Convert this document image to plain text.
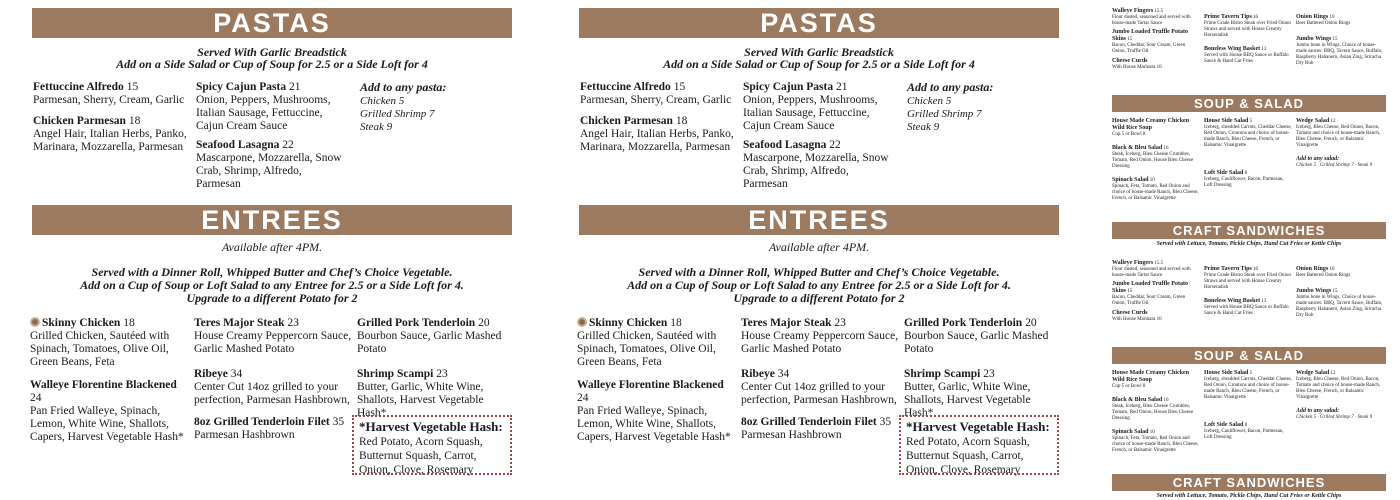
PASTAS
Served With Garlic Breadstick
Add on a Side Salad or Cup of Soup for 2.5 or a Side Loft for 4
Fettuccine Alfredo 15
Parmesan, Sherry, Cream, Garlic
Chicken Parmesan 18
Angel Hair, Italian Herbs, Panko, Marinara, Mozzarella, Parmesan
Spicy Cajun Pasta 21
Onion, Peppers, Mushrooms, Italian Sausage, Fettuccine, Cajun Cream Sauce
Seafood Lasagna 22
Mascarpone, Mozzarella, Snow Crab, Shrimp, Alfredo, Parmesan
Add to any pasta:
Chicken 5
Grilled Shrimp 7
Steak 9
ENTREES
Available after 4PM.
Served with a Dinner Roll, Whipped Butter and Chef’s Choice Vegetable.
Add on a Cup of Soup or Loft Salad to any Entree for 2.5 or a Side Loft for 4.
Upgrade to a different Potato for 2
Skinny Chicken 18
Grilled Chicken, Sautéed with Spinach, Tomatoes, Olive Oil, Green Beans, Feta
Walleye Florentine Blackened 24
Pan Fried Walleye, Spinach, Lemon, White Wine, Shallots, Capers, Harvest Vegetable Hash*
Teres Major Steak 23
House Creamy Peppercorn Sauce, Garlic Mashed Potato
Ribeye 34
Center Cut 14oz grilled to your perfection, Parmesan Hashbrown,
8oz Grilled Tenderloin Filet 35
Parmesan Hashbrown
Grilled Pork Tenderloin 20
Bourbon Sauce, Garlic Mashed Potato
Shrimp Scampi 23
Butter, Garlic, White Wine, Shallots, Harvest Vegetable Hash*
*Harvest Vegetable Hash:
Red Potato, Acorn Squash, Butternut Squash, Carrot, Onion, Clove, Rosemary
PASTAS
Served With Garlic Breadstick
Add on a Side Salad or Cup of Soup for 2.5 or a Side Loft for 4
Fettuccine Alfredo 15
Parmesan, Sherry, Cream, Garlic
Chicken Parmesan 18
Angel Hair, Italian Herbs, Panko, Marinara, Mozzarella, Parmesan
Spicy Cajun Pasta 21
Onion, Peppers, Mushrooms, Italian Sausage, Fettuccine, Cajun Cream Sauce
Seafood Lasagna 22
Mascarpone, Mozzarella, Snow Crab, Shrimp, Alfredo, Parmesan
Add to any pasta:
Chicken 5
Grilled Shrimp 7
Steak 9
ENTREES
Available after 4PM.
Served with a Dinner Roll, Whipped Butter and Chef’s Choice Vegetable.
Add on a Cup of Soup or Loft Salad to any Entree for 2.5 or a Side Loft for 4.
Upgrade to a different Potato for 2
Skinny Chicken 18
Grilled Chicken, Sautéed with Spinach, Tomatoes, Olive Oil, Green Beans, Feta
Walleye Florentine Blackened 24
Pan Fried Walleye, Spinach, Lemon, White Wine, Shallots, Capers, Harvest Vegetable Hash*
Teres Major Steak 23
House Creamy Peppercorn Sauce, Garlic Mashed Potato
Ribeye 34
Center Cut 14oz grilled to your perfection, Parmesan Hashbrown,
8oz Grilled Tenderloin Filet 35
Parmesan Hashbrown
Grilled Pork Tenderloin 20
Bourbon Sauce, Garlic Mashed Potato
Shrimp Scampi 23
Butter, Garlic, White Wine, Shallots, Harvest Vegetable Hash*
*Harvest Vegetable Hash:
Red Potato, Acorn Squash, Butternut Squash, Carrot, Onion, Clove, Rosemary
Walleye Fingers 15.5
Flour dusted, seasoned and served with house-made Tartar Sauce
Jumbo Loaded Truffle Potato Skins 15
Bacon, Cheddar, Sour Cream, Green Onion, Truffle Oil
Cheese Curds
With House Marinara 10
Prime Tavern Tips 16
Prime Grade Bistro Steak over Fried Onion Straws and served with House Creamy Horseradish
Boneless Wing Basket 13
Served with House BBQ Sauce or Buffalo Sauce & Hand Cut Fries
Onion Rings 10
Beer Battered Onion Rings
Jumbo Wings 15
Jumbo bone in Wings. Choice of house-made sauces: BBQ, Tavern Sauce, Buffalo, Raspberry Habanero, Asian Zing, Sriracha Dry Rub
SOUP & SALAD
House Made Creamy Chicken Wild Rice Soup
Cup 5 or Bowl 8
Black & Bleu Salad 16
Steak, Iceberg, Bleu Cheese Crumbles, Tomato, Red Onion, House Bleu Cheese Dressing
Spinach Salad 10
Spinach, Feta, Tomato, Red Onion and choice of house-made Ranch, Bleu Cheese, French, or Balsamic Vinaigrette
House Side Salad 5
Iceberg, shredded Carrots, Cheddar Cheese, Red Onion, Croutons and choice of house-made Ranch, Bleu Cheese, French, or Balsamic Vinaigrette
Loft Side Salad 8
Iceberg, Cauliflower, Bacon, Parmesan, Loft Dressing
Wedge Salad 12
Iceberg, Bleu Cheese, Red Onion, Bacon, Tomato and choice of house-made Ranch, Bleu Cheese, French, or Balsamic Vinaigrette
Add to any salad:
Chicken 5 · Grilled Shrimp 7 · Steak 9
CRAFT SANDWICHES
Served with Lettuce, Tomato, Pickle Chips, Hand Cut Fries or Kettle Chips
Walleye Fingers 15.5
Flour dusted, seasoned and served with house-made Tartar Sauce
Jumbo Loaded Truffle Potato Skins 15
Bacon, Cheddar, Sour Cream, Green Onion, Truffle Oil
Cheese Curds
With House Marinara 10
Prime Tavern Tips 16
Prime Grade Bistro Steak over Fried Onion Straws and served with House Creamy Horseradish
Boneless Wing Basket 13
Served with House BBQ Sauce or Buffalo Sauce & Hand Cut Fries
Onion Rings 10
Beer Battered Onion Rings
Jumbo Wings 15
Jumbo bone in Wings. Choice of house-made sauces: BBQ, Tavern Sauce, Buffalo, Raspberry Habanero, Asian Zing, Sriracha Dry Rub
SOUP & SALAD
House Made Creamy Chicken Wild Rice Soup
Cup 5 or Bowl 8
Black & Bleu Salad 16
Steak, Iceberg, Bleu Cheese Crumbles, Tomato, Red Onion, House Bleu Cheese Dressing
Spinach Salad 10
Spinach, Feta, Tomato, Red Onion and choice of house-made Ranch, Bleu Cheese, French, or Balsamic Vinaigrette
House Side Salad 5
Iceberg, shredded Carrots, Cheddar Cheese, Red Onion, Croutons and choice of house-made Ranch, Bleu Cheese, French, or Balsamic Vinaigrette
Loft Side Salad 8
Iceberg, Cauliflower, Bacon, Parmesan, Loft Dressing
Wedge Salad 12
Iceberg, Bleu Cheese, Red Onion, Bacon, Tomato and choice of house-made Ranch, Bleu Cheese, French, or Balsamic Vinaigrette
Add to any salad:
Chicken 5 · Grilled Shrimp 7 · Steak 9
CRAFT SANDWICHES
Served with Lettuce, Tomato, Pickle Chips, Hand Cut Fries or Kettle Chips
